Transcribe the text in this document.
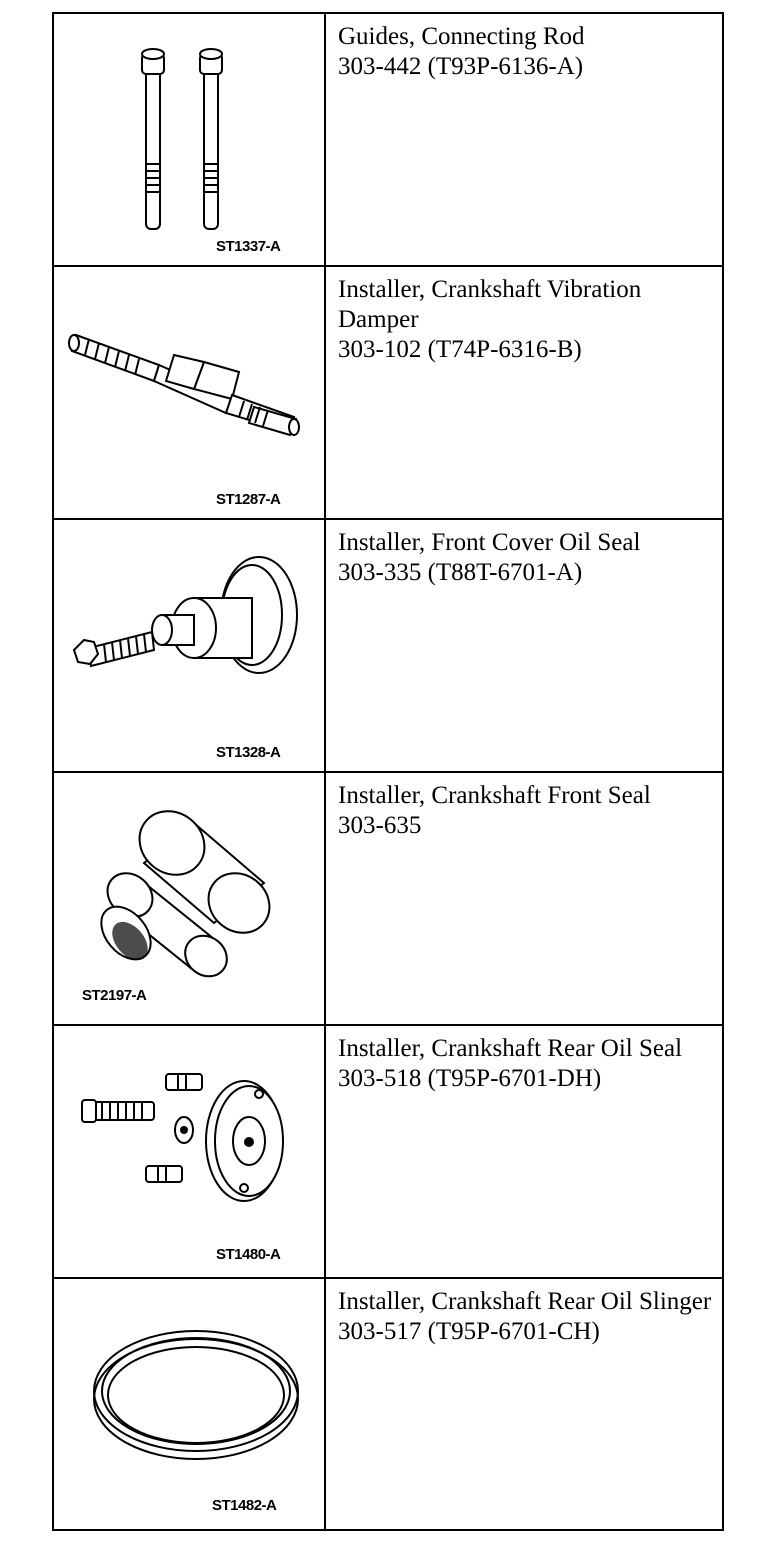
ST1337-A
Guides, Connecting Rod
303-442 (T93P-6136-A)
ST1287-A
Installer, Crankshaft Vibration Damper
303-102 (T74P-6316-B)
ST1328-A
Installer, Front Cover Oil Seal
303-335 (T88T-6701-A)
ST2197-A
Installer, Crankshaft Front Seal
303-635
ST1480-A
Installer, Crankshaft Rear Oil Seal
303-518 (T95P-6701-DH)
ST1482-A
Installer, Crankshaft Rear Oil Slinger
303-517 (T95P-6701-CH)
